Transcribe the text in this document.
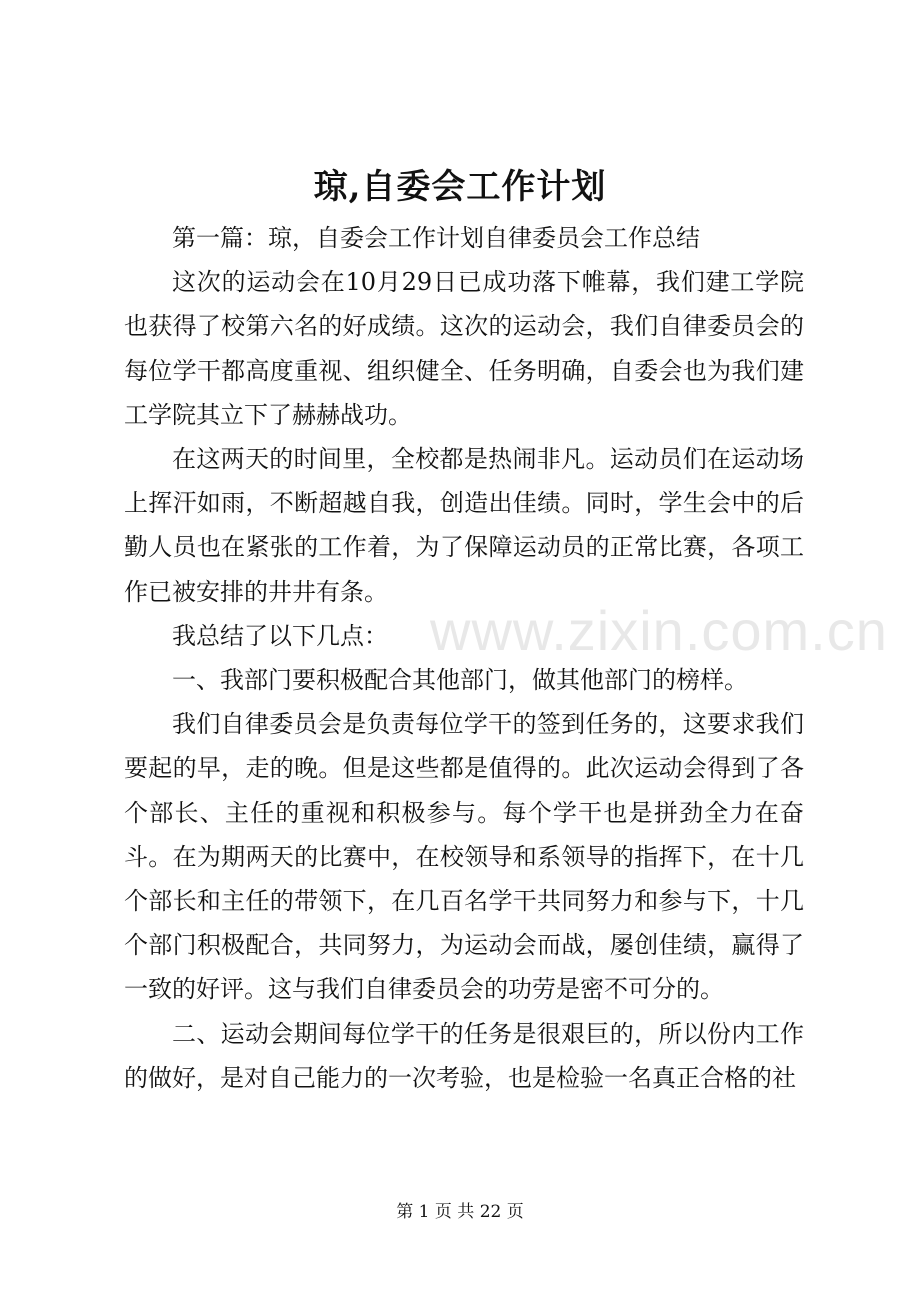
琼,自委会工作计划

第一篇：琼，自委会工作计划自律委员会工作总结

这次的运动会在10月29日已成功落下帷幕，我们建工学院也获得了校第六名的好成绩。这次的运动会，我们自律委员会的每位学干都高度重视、组织健全、任务明确，自委会也为我们建工学院其立下了赫赫战功。

在这两天的时间里，全校都是热闹非凡。运动员们在运动场上挥汗如雨，不断超越自我，创造出佳绩。同时，学生会中的后勤人员也在紧张的工作着，为了保障运动员的正常比赛，各项工作已被安排的井井有条。

我总结了以下几点：

一、我部门要积极配合其他部门，做其他部门的榜样。

我们自律委员会是负责每位学干的签到任务的，这要求我们要起的早，走的晚。但是这些都是值得的。此次运动会得到了各个部长、主任的重视和积极参与。每个学干也是拼劲全力在奋斗。在为期两天的比赛中，在校领导和系领导的指挥下，在十几个部长和主任的带领下，在几百名学干共同努力和参与下，十几个部门积极配合，共同努力，为运动会而战，屡创佳绩，赢得了一致的好评。这与我们自律委员会的功劳是密不可分的。

二、运动会期间每位学干的任务是很艰巨的，所以份内工作的做好，是对自己能力的一次考验，也是检验一名真正合格的社

www.zixin.com.cn
第 1 页 共 22 页
